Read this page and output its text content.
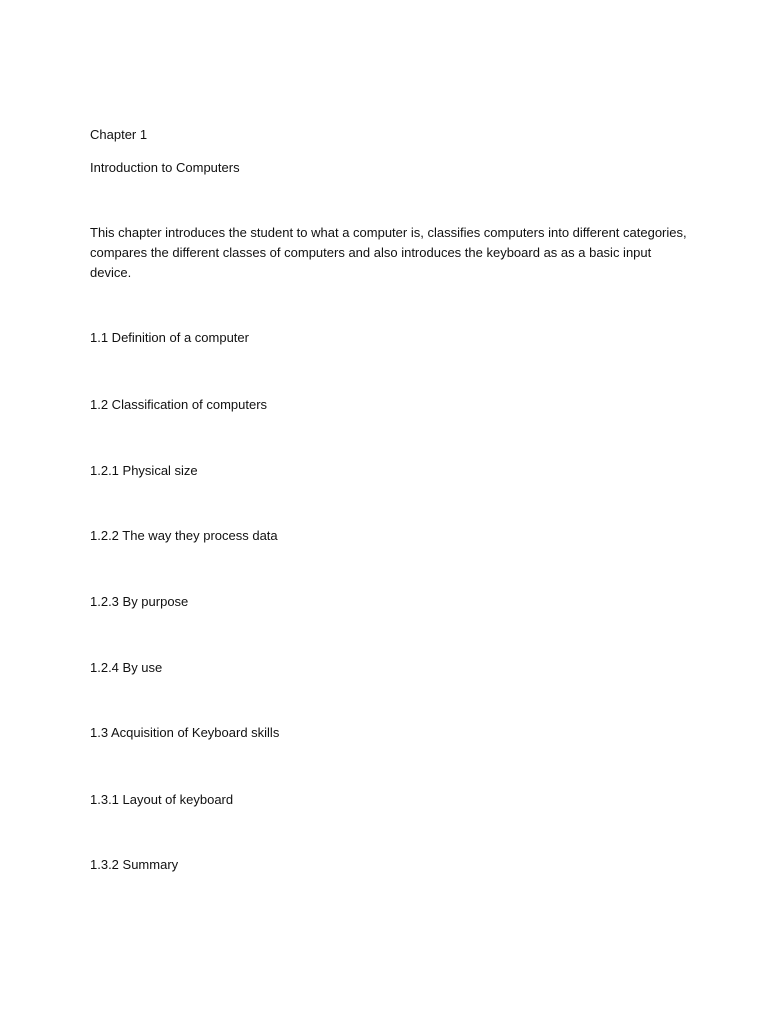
Chapter 1
Introduction to Computers
This chapter introduces the student to what a computer is, classifies computers into different categories, compares the different classes of computers and also introduces the keyboard as as a basic input device.
1.1 Definition of a computer
1.2 Classification of computers
1.2.1 Physical size
1.2.2 The way they process data
1.2.3 By purpose
1.2.4 By use
1.3 Acquisition of Keyboard skills
1.3.1 Layout of keyboard
1.3.2 Summary
